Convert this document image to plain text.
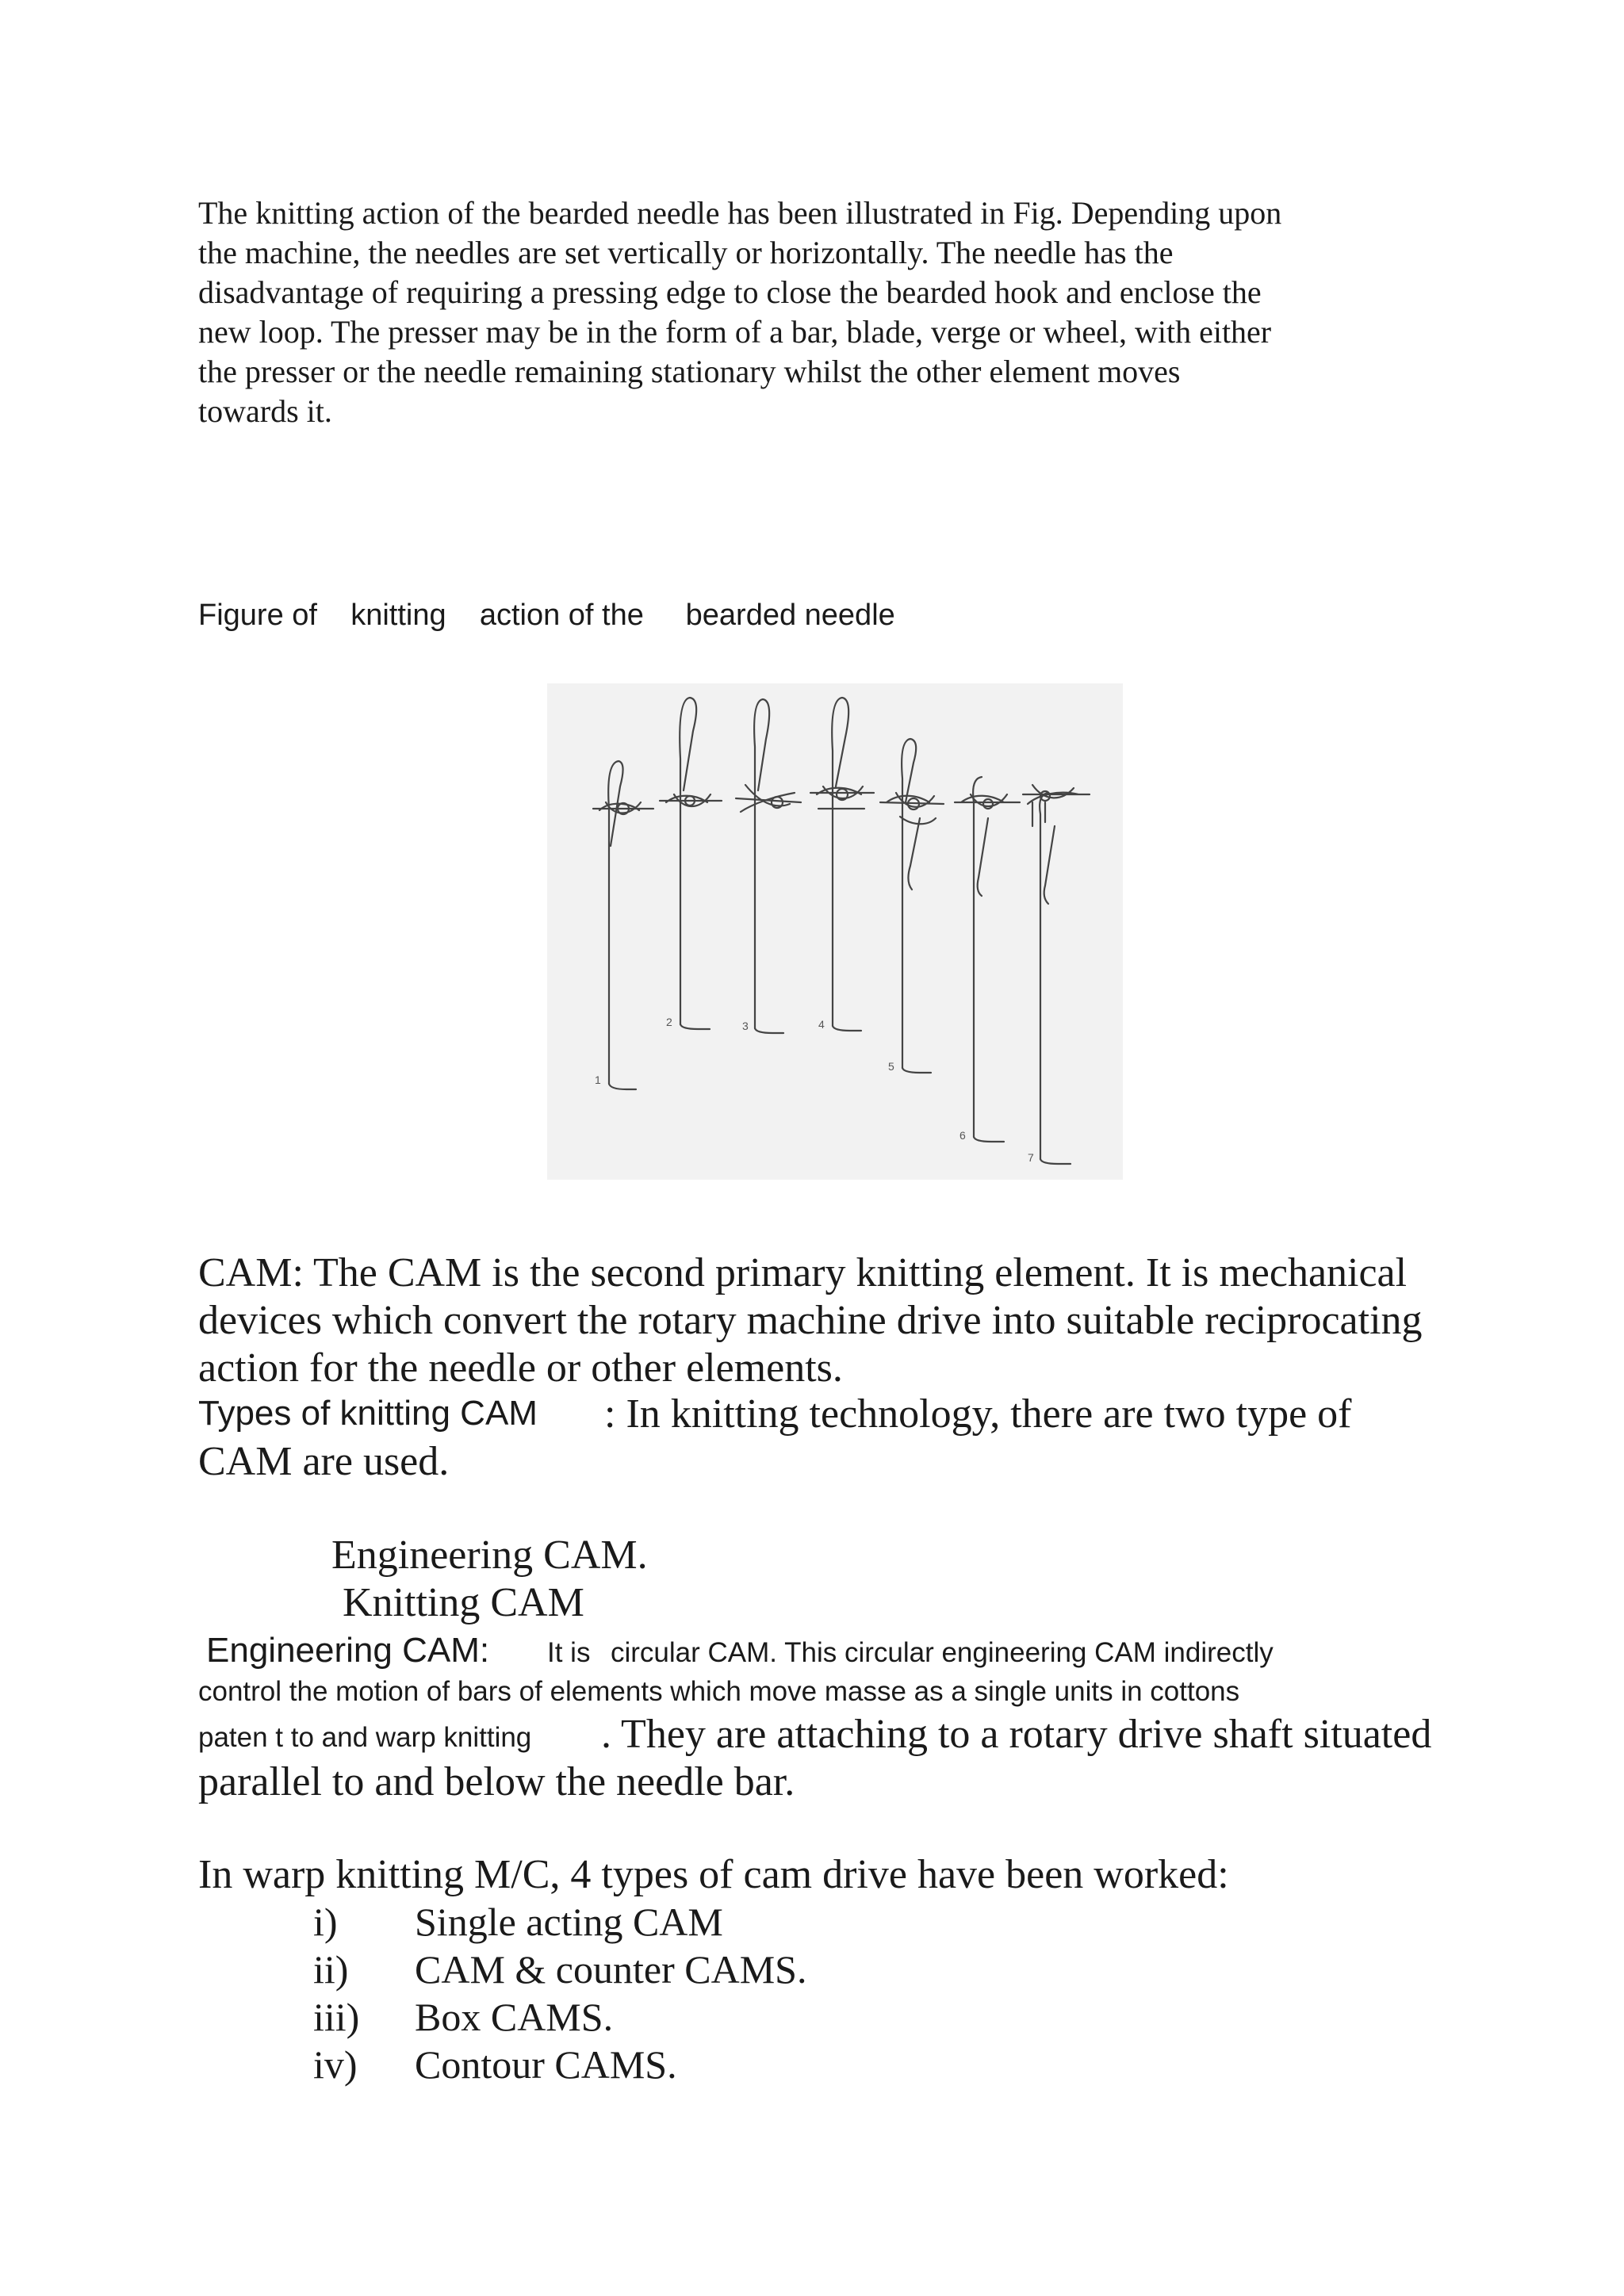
The knitting action of the bearded needle has been illustrated in Fig. Depending upon
the machine, the needles are set vertically or horizontally. The needle has the
disadvantage of requiring a pressing edge to close the bearded hook and enclose the
new loop. The presser may be in the form of a bar, blade, verge or wheel, with either
the presser or the needle remaining stationary whilst the other element moves
towards it.
Figure of    knitting    action of the     bearded needle
1
2	3	4
5
6
7
CAM: The CAM is the second primary knitting element. It is mechanical
devices which convert the rotary machine drive into suitable reciprocating
action for the needle or other elements.
Types of knitting CAM : In knitting technology, there are two type of
CAM are used.
Engineering CAM.
Knitting CAM
Engineering CAM: It is circular CAM. This circular engineering CAM indirectly
control the motion of bars of elements which move masse as a single units in cottons
paten t to and warp knitting . They are attaching to a rotary drive shaft situated
parallel to and below the needle bar.
In warp knitting M/C, 4 types of cam drive have been worked:
i) Single acting CAM
ii) CAM & counter CAMS.
iii) Box CAMS.
iv) Contour CAMS.
